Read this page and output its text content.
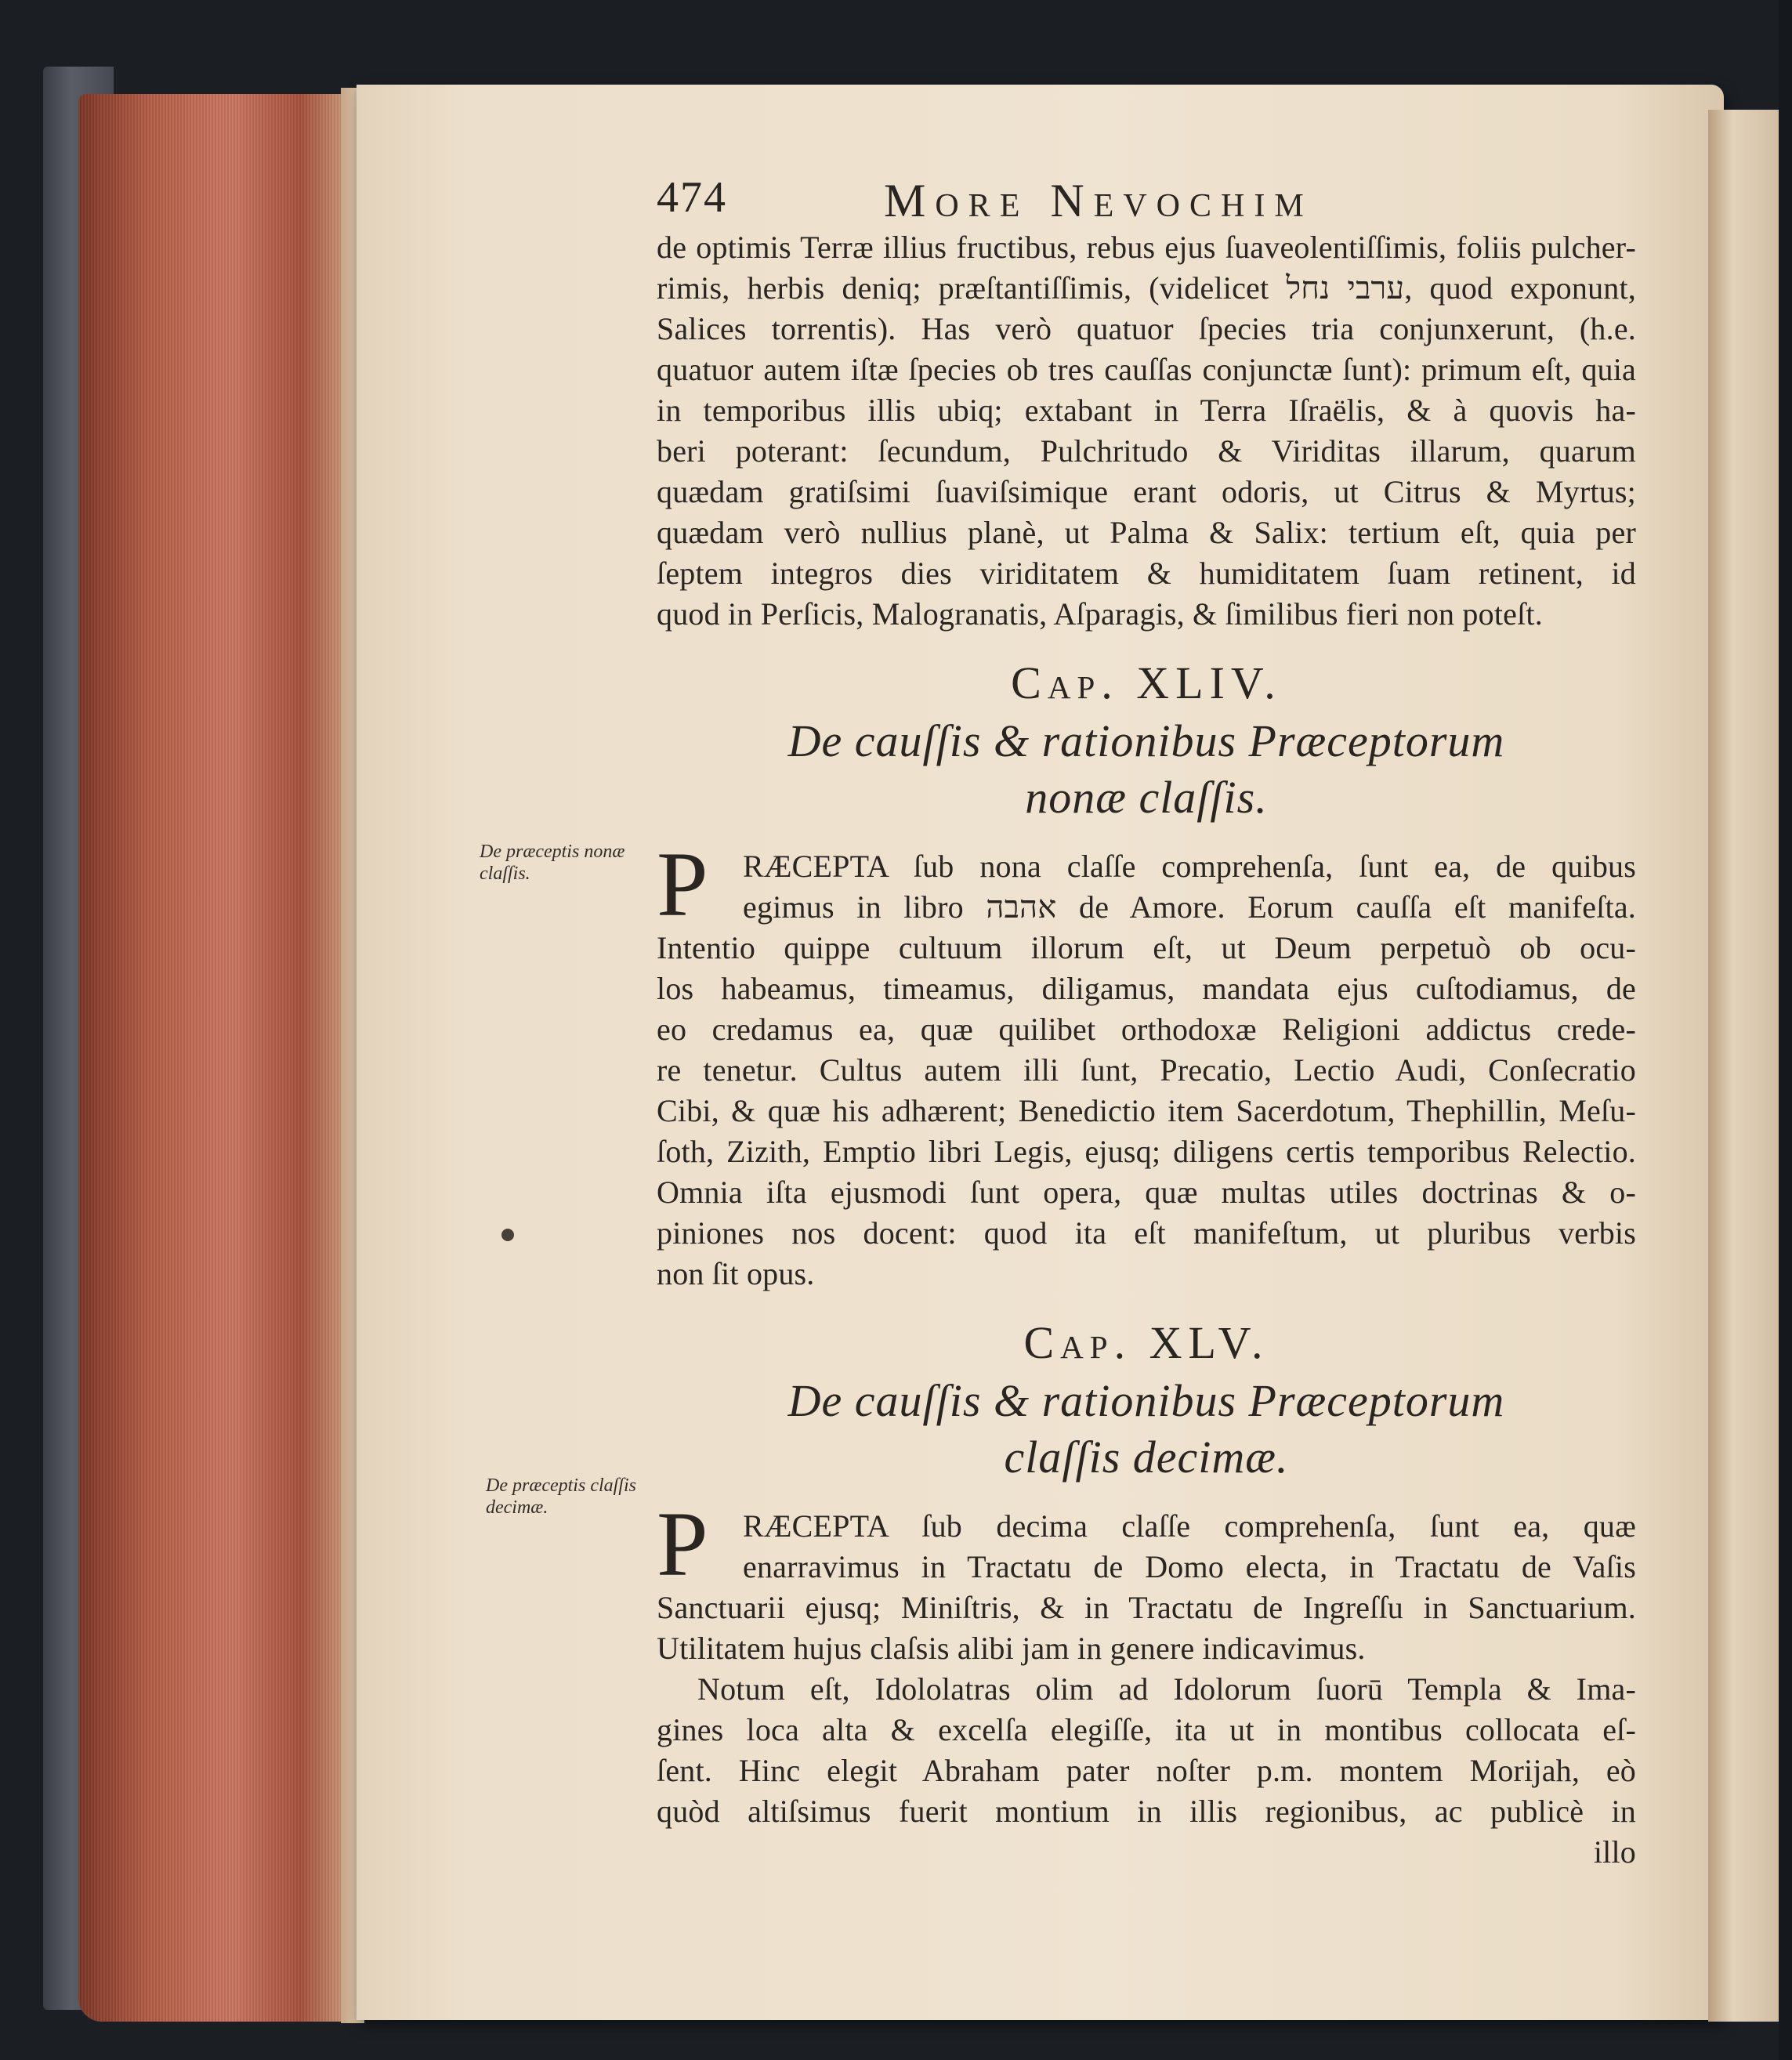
De præceptis nonæ claſſis.
De præceptis claſſis decimæ.
474	More Nevochim
de optimis Terræ illius fructibus, rebus ejus ſuaveolentiſſimis, foliis pulcher-
rimis, herbis deniq; præſtantiſſimis, (videlicet ערבי נחל, quod exponunt,
Salices torrentis). Has verò quatuor ſpecies tria conjunxerunt, (h.e.
quatuor autem iſtæ ſpecies ob tres cauſſas conjunctæ ſunt): primum eſt, quia
in temporibus illis ubiq; extabant in Terra Iſraëlis, & à quovis ha-
beri poterant: ſecundum, Pulchritudo & Viriditas illarum, quarum
quædam gratiſsimi ſuaviſsimique erant odoris, ut Citrus & Myrtus;
quædam verò nullius planè, ut Palma & Salix: tertium eſt, quia per
ſeptem integros dies viriditatem & humiditatem ſuam retinent, id
quod in Perſicis, Malogranatis, Aſparagis, & ſimilibus fieri non poteſt.
Cap. XLIV.
De cauſſis & rationibus Præceptorum
nonæ claſſis.
P	RÆCEPTA ſub nona claſſe comprehenſa, ſunt ea, de quibus
egimus in libro אהבה de Amore. Eorum cauſſa eſt manifeſta.
Intentio quippe cultuum illorum eſt, ut Deum perpetuò ob ocu-
los habeamus, timeamus, diligamus, mandata ejus cuſtodiamus, de
eo credamus ea, quæ quilibet orthodoxæ Religioni addictus crede-
re tenetur. Cultus autem illi ſunt, Precatio, Lectio Audi, Conſecratio
Cibi, & quæ his adhærent; Benedictio item Sacerdotum, Thephillin, Meſu-
ſoth, Zizith, Emptio libri Legis, ejusq; diligens certis temporibus Relectio.
Omnia iſta ejusmodi ſunt opera, quæ multas utiles doctrinas & o-
piniones nos docent: quod ita eſt manifeſtum, ut pluribus verbis
non ſit opus.
Cap. XLV.
De cauſſis & rationibus Præceptorum
claſſis decimæ.
P	RÆCEPTA ſub decima claſſe comprehenſa, ſunt ea, quæ
enarravimus in Tractatu de Domo electa, in Tractatu de Vaſis
Sanctuarii ejusq; Miniſtris, & in Tractatu de Ingreſſu in Sanctuarium.
Utilitatem hujus claſsis alibi jam in genere indicavimus.
Notum eſt, Idololatras olim ad Idolorum ſuorū Templa & Ima-
gines loca alta & excelſa elegiſſe, ita ut in montibus collocata eſ-
ſent. Hinc elegit Abraham pater noſter p.m. montem Morijah, eò
quòd altiſsimus fuerit montium in illis regionibus, ac publicè in
illo
